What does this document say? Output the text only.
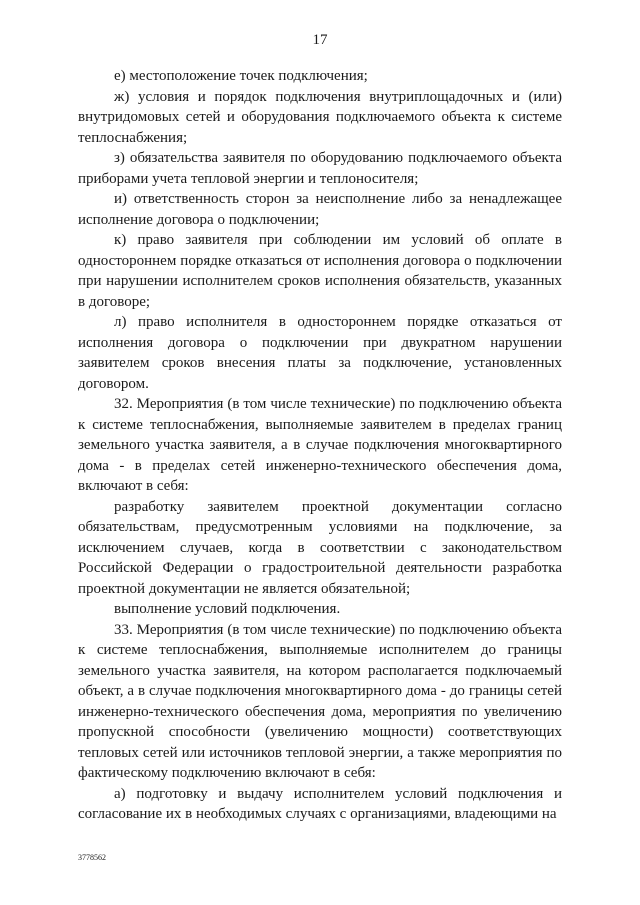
17

е) местоположение точек подключения;

ж) условия и порядок подключения внутриплощадочных и (или) внутридомовых сетей и оборудования подключаемого объекта к системе теплоснабжения;

з) обязательства заявителя по оборудованию подключаемого объекта приборами учета тепловой энергии и теплоносителя;

и) ответственность сторон за неисполнение либо за ненадлежащее исполнение договора о подключении;

к) право заявителя при соблюдении им условий об оплате в одностороннем порядке отказаться от исполнения договора о подключении при нарушении исполнителем сроков исполнения обязательств, указанных в договоре;

л) право исполнителя в одностороннем порядке отказаться от исполнения договора о подключении при двукратном нарушении заявителем сроков внесения платы за подключение, установленных договором.

32. Мероприятия (в том числе технические) по подключению объекта к системе теплоснабжения, выполняемые заявителем в пределах границ земельного участка заявителя, а в случае подключения многоквартирного дома - в пределах сетей инженерно-технического обеспечения дома, включают в себя:

разработку заявителем проектной документации согласно обязательствам, предусмотренным условиями на подключение, за исключением случаев, когда в соответствии с законодательством Российской Федерации о градостроительной деятельности разработка проектной документации не является обязательной;

выполнение условий подключения.

33. Мероприятия (в том числе технические) по подключению объекта к системе теплоснабжения, выполняемые исполнителем до границы земельного участка заявителя, на котором располагается подключаемый объект, а в случае подключения многоквартирного дома - до границы сетей инженерно-технического обеспечения дома, мероприятия по увеличению пропускной способности (увеличению мощности) соответствующих тепловых сетей или источников тепловой энергии, а также мероприятия по фактическому подключению включают в себя:

а) подготовку и выдачу исполнителем условий подключения и согласование их в необходимых случаях с организациями, владеющими на

3778562
